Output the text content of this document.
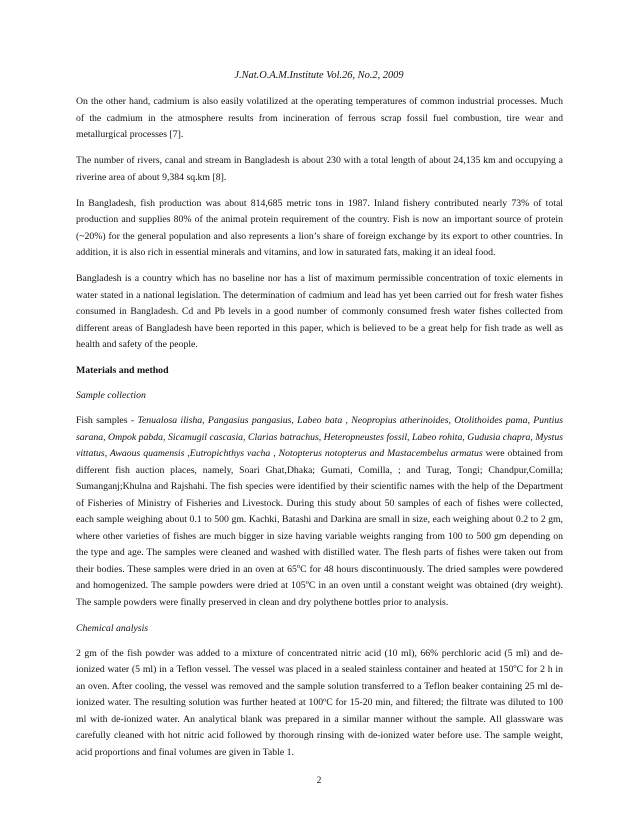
J.Nat.O.A.M.Institute Vol.26, No.2, 2009

On the other hand, cadmium is also easily volatilized at the operating temperatures of common industrial processes. Much of the cadmium in the atmosphere results from incineration of ferrous scrap fossil fuel combustion, tire wear and metallurgical processes [7].

The number of rivers, canal and stream in Bangladesh is about 230 with a total length of about 24,135 km and occupying a riverine area of about 9,384 sq.km [8].

In Bangladesh, fish production was about 814,685 metric tons in 1987. Inland fishery contributed nearly 73% of total production and supplies 80% of the animal protein requirement of the country. Fish is now an important source of protein (~20%) for the general population and also represents a lion’s share of foreign exchange by its export to other countries. In addition, it is also rich in essential minerals and vitamins, and low in saturated fats, making it an ideal food.

Bangladesh is a country which has no baseline nor has a list of maximum permissible concentration of toxic elements in water stated in a national legislation. The determination of cadmium and lead has yet been carried out for fresh water fishes consumed in Bangladesh. Cd and Pb levels in a good number of commonly consumed fresh water fishes collected from different areas of Bangladesh have been reported in this paper, which is believed to be a great help for fish trade as well as health and safety of the people.

Materials and method
Sample collection

Fish samples - Tenualosa ilisha, Pangasius pangasius, Labeo bata , Neopropius atherinoides, Otolithoides pama, Puntius sarana, Ompok pabda, Sicamugil cascasia, Clarias batrachus, Heteropneustes fossil, Labeo rohita, Gudusia chapra, Mystus vittatus, Awaous quamensis ,Eutropichthys vacha , Notopterus notopterus and Mastacembelus armatus were obtained from different fish auction places, namely, Soari Ghat,Dhaka; Gumati, Comilla, ; and Turag, Tongi; Chandpur,Comilla; Sumanganj;Khulna and Rajshahi. The fish species were identified by their scientific names with the help of the Department of Fisheries of Ministry of Fisheries and Livestock. During this study about 50 samples of each of fishes were collected, each sample weighing about 0.1 to 500 gm. Kachki, Batashi and Darkina are small in size, each weighing about 0.2 to 2 gm, where other varieties of fishes are much bigger in size having variable weights ranging from 100 to 500 gm depending on the type and age. The samples were cleaned and washed with distilled water. The flesh parts of fishes were taken out from their bodies. These samples were dried in an oven at 65$^o$C for 48 hours discontinuously. The dried samples were powdered and homogenized. The sample powders were dried at 105$^o$C in an oven until a constant weight was obtained (dry weight). The sample powders were finally preserved in clean and dry polythene bottles prior to analysis.

Chemical analysis

2 gm of the fish powder was added to a mixture of concentrated nitric acid (10 ml), 66% perchloric acid (5 ml) and de-ionized water (5 ml) in a Teflon vessel. The vessel was placed in a sealed stainless container and heated at 150$^o$C for 2 h in an oven. After cooling, the vessel was removed and the sample solution transferred to a Teflon beaker containing 25 ml de-ionized water. The resulting solution was further heated at 100ºC for 15-20 min, and filtered; the filtrate was diluted to 100 ml with de-ionized water. An analytical blank was prepared in a similar manner without the sample. All glassware was carefully cleaned with hot nitric acid followed by thorough rinsing with de-ionized water before use. The sample weight, acid proportions and final volumes are given in Table 1.

2
